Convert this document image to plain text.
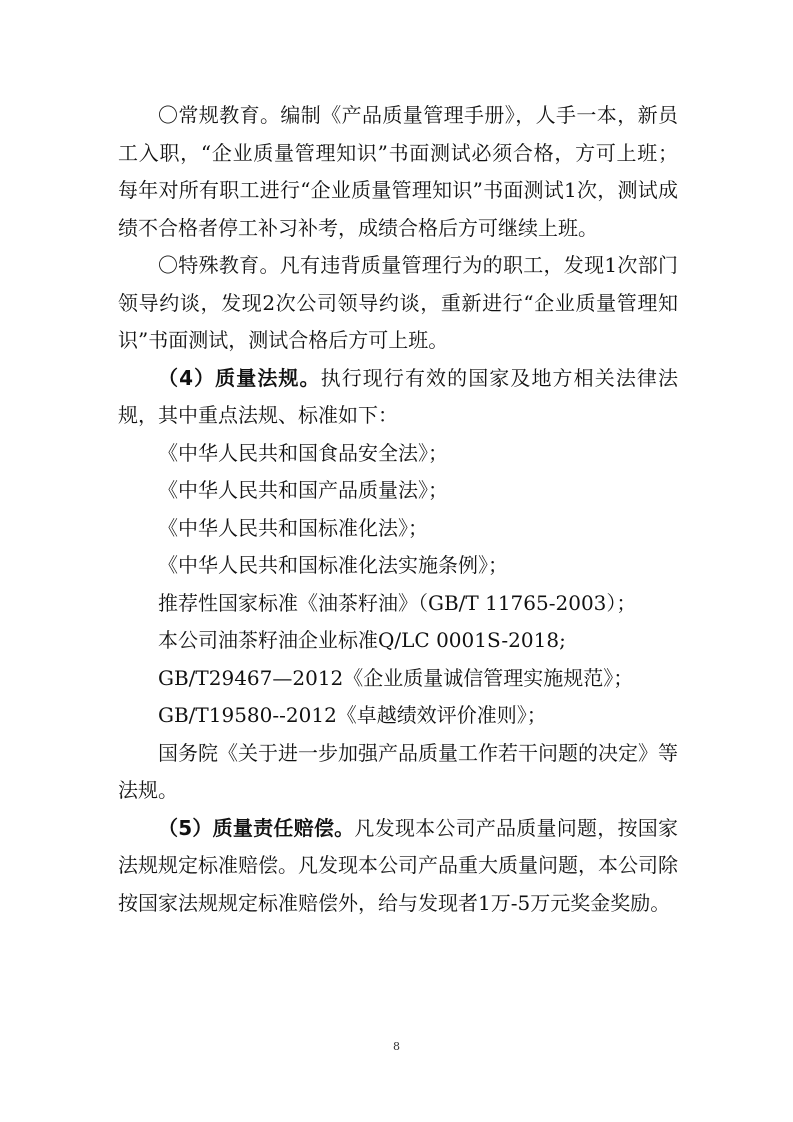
〇常规教育。编制《产品质量管理手册》，人手一本，新员工入职，“企业质量管理知识”书面测试必须合格，方可上班；每年对所有职工进行“企业质量管理知识”书面测试1次，测试成绩不合格者停工补习补考，成绩合格后方可继续上班。

〇特殊教育。凡有违背质量管理行为的职工，发现1次部门领导约谈，发现2次公司领导约谈，重新进行“企业质量管理知识”书面测试，测试合格后方可上班。

（4）质量法规。执行现行有效的国家及地方相关法律法规，其中重点法规、标准如下：

《中华人民共和国食品安全法》；

《中华人民共和国产品质量法》；

《中华人民共和国标准化法》；

《中华人民共和国标准化法实施条例》；

推荐性国家标准《油茶籽油》（GB/T 11765-2003）；

本公司油茶籽油企业标准Q/LC 0001S-2018;

GB/T29467—2012《企业质量诚信管理实施规范》；

GB/T19580--2012《卓越绩效评价准则》；

国务院《关于进一步加强产品质量工作若干问题的决定》等法规。

（5）质量责任赔偿。凡发现本公司产品质量问题，按国家法规规定标准赔偿。凡发现本公司产品重大质量问题，本公司除按国家法规规定标准赔偿外，给与发现者1万-5万元奖金奖励。

8
